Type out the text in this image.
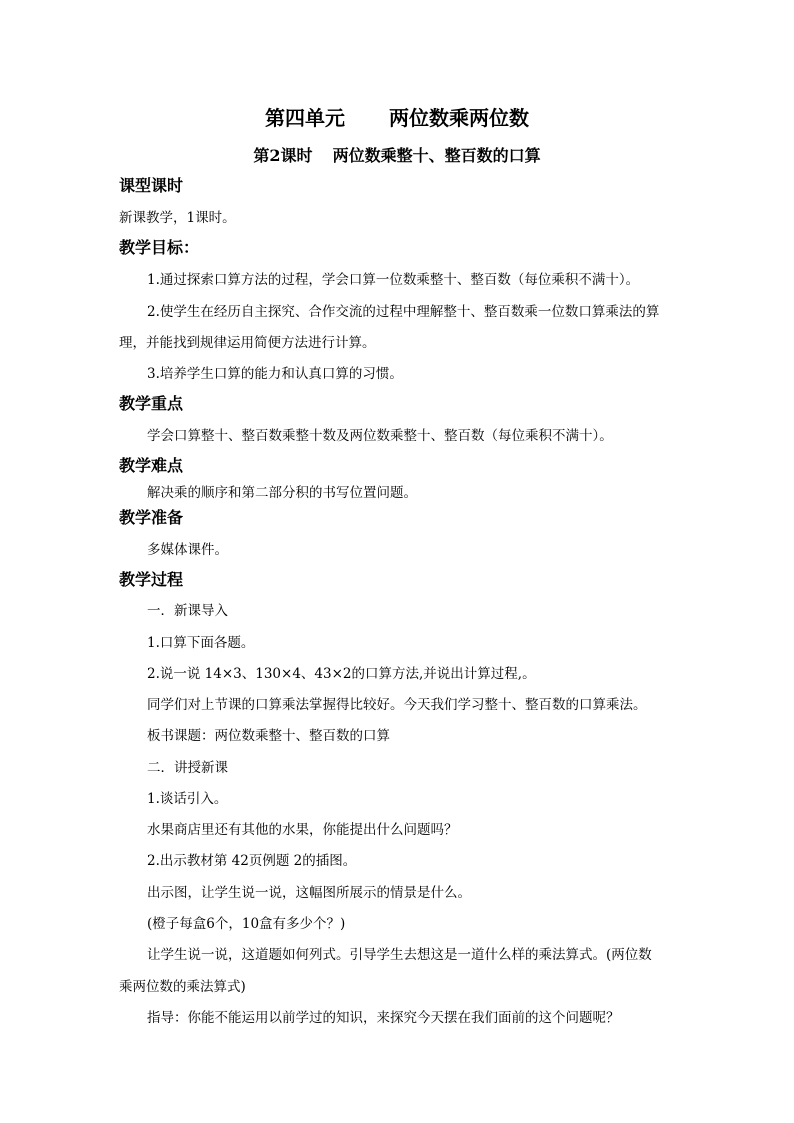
第四单元 两位数乘两位数
第2课时 两位数乘整十、整百数的口算
课型课时
新课教学，1课时。
教学目标：
1.通过探索口算方法的过程，学会口算一位数乘整十、整百数（每位乘积不满十）。
2.使学生在经历自主探究、合作交流的过程中理解整十、整百数乘一位数口算乘法的算
理，并能找到规律运用简便方法进行计算。
3.培养学生口算的能力和认真口算的习惯。
教学重点
学会口算整十、整百数乘整十数及两位数乘整十、整百数（每位乘积不满十）。
教学难点
解决乘的顺序和第二部分积的书写位置问题。
教学准备
多媒体课件。
教学过程
一．新课导入
1.口算下面各题。
2.说一说 14×3、130×4、43×2的口算方法,并说出计算过程,。
同学们对上节课的口算乘法掌握得比较好。今天我们学习整十、整百数的口算乘法。
板书课题：两位数乘整十、整百数的口算
二．讲授新课
1.谈话引入。
水果商店里还有其他的水果，你能提出什么问题吗？
2.出示教材第 42页例题 2的插图。
出示图，让学生说一说，这幅图所展示的情景是什么。
(橙子每盒6个，10盒有多少个？)
让学生说一说，这道题如何列式。引导学生去想这是一道什么样的乘法算式。(两位数
乘两位数的乘法算式)
指导：你能不能运用以前学过的知识，来探究今天摆在我们面前的这个问题呢？
